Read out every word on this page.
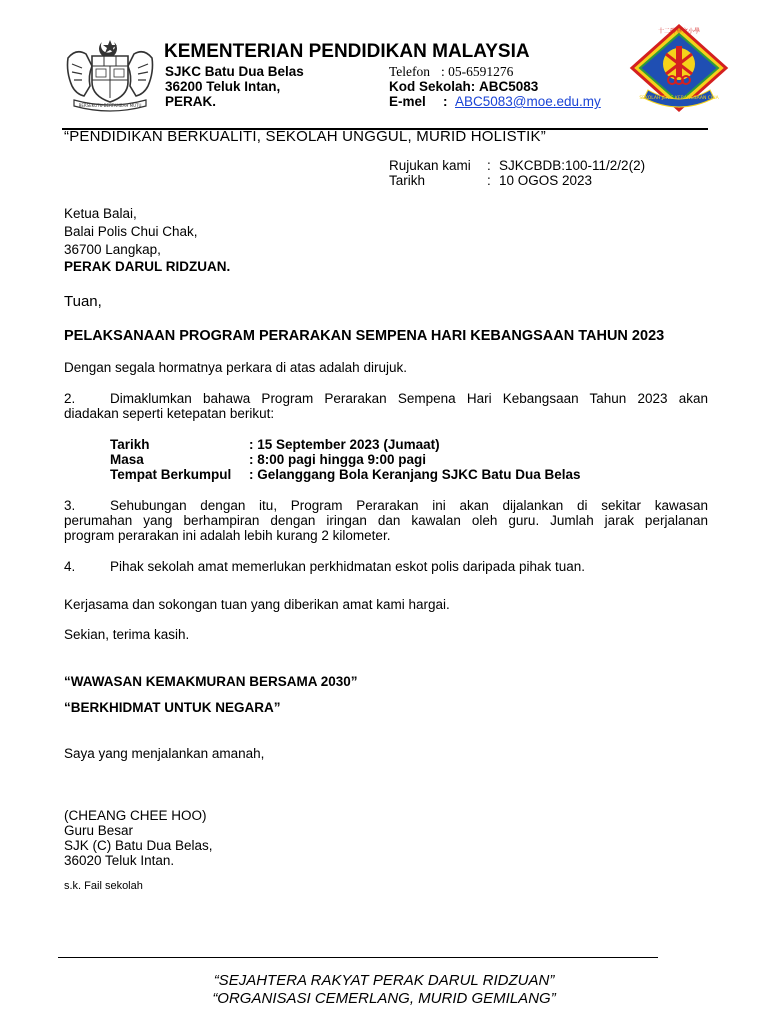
BERSEKUTU BERTAMBAH MUTU
KEMENTERIAN PENDIDIKAN MALAYSIA
SJKC Batu Dua Belas
36200 Teluk Intan,
PERAK.
Telefon : 05-6591276
Kod Sekolah:
ABC5083
E-mel	: ABC5083@moe.edu.my	SEKOLAH JENIS KEBANGSAAN CINA
十二碑華文小學
“PENDIDIKAN BERKUALITI, SEKOLAH UNGGUL, MURID HOLISTIK”
Rujukan kami	: SJKCBDB:100-11/2/2(2)
Tarikh	: 10 OGOS 2023
Ketua Balai,
Balai Polis Chui Chak,
36700 Langkap,
PERAK DARUL RIDZUAN.
Tuan,
PELAKSANAAN PROGRAM PERARAKAN SEMPENA HARI KEBANGSAAN TAHUN 2023
Dengan segala hormatnya perkara di atas adalah dirujuk.
2.	Dimaklumkan bahawa Program Perarakan Sempena Hari Kebangsaan Tahun 2023 akan
diadakan seperti ketepatan berikut:
Tarikh	: 15 September 2023 (Jumaat)
Masa	: 8:00 pagi hingga 9:00 pagi
Tempat Berkumpul : Gelanggang Bola Keranjang SJKC Batu Dua Belas
3.	Sehubungan dengan itu, Program Perarakan ini akan dijalankan di sekitar kawasan
perumahan yang berhampiran dengan iringan dan kawalan oleh guru. Jumlah jarak perjalanan
program perarakan ini adalah lebih kurang 2 kilometer.
4.	Pihak sekolah amat memerlukan perkhidmatan eskot polis daripada pihak tuan.
Kerjasama dan sokongan tuan yang diberikan amat kami hargai.
Sekian, terima kasih.
“WAWASAN KEMAKMURAN BERSAMA 2030”
“BERKHIDMAT UNTUK NEGARA”
Saya yang menjalankan amanah,
(CHEANG CHEE HOO)
Guru Besar
SJK (C) Batu Dua Belas,
36020 Teluk Intan.
s.k. Fail sekolah
“SEJAHTERA RAKYAT PERAK DARUL RIDZUAN”
“ORGANISASI CEMERLANG, MURID GEMILANG”
